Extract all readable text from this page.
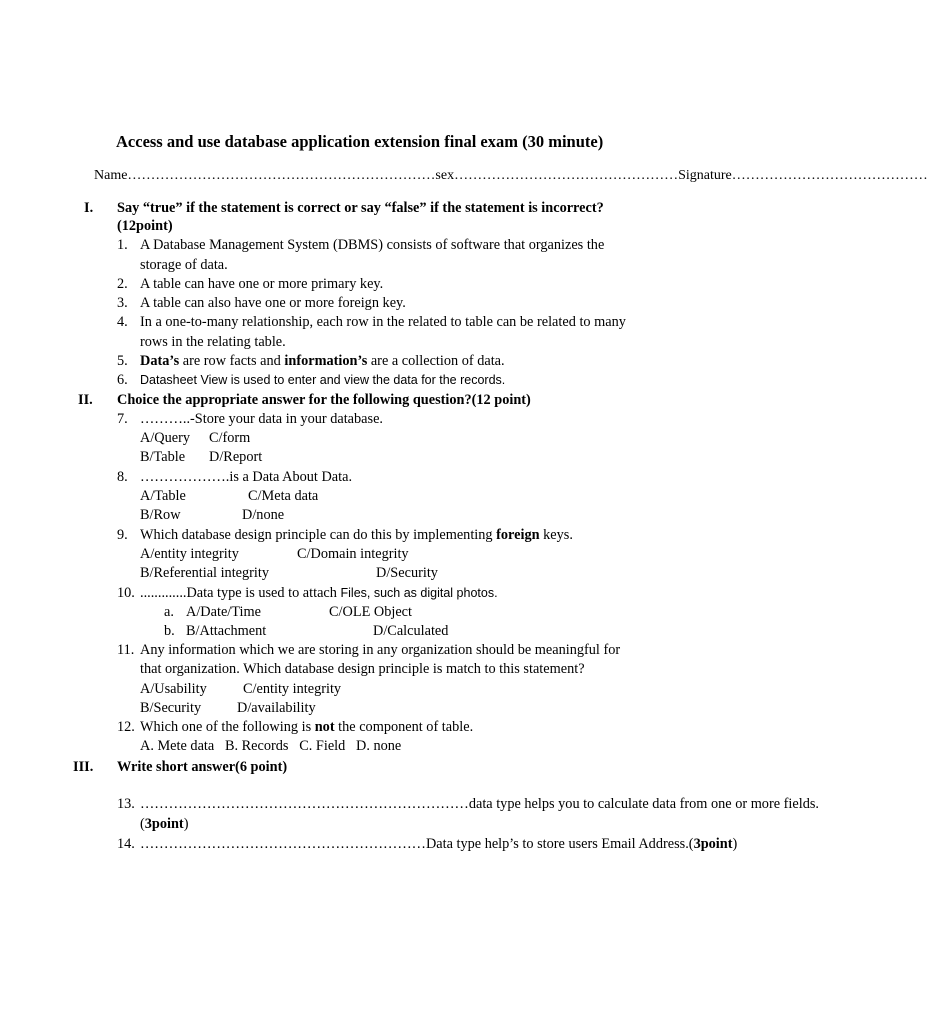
Access and use database application extension final exam (30 minute)
Name…………………………………………………………sex…………………………………………Signature……………………………………
I. Say “true” if the statement is correct or say “false” if the statement is incorrect?
(12point)
1. A Database Management System (DBMS) consists of software that organizes the
storage of data.
2. A table can have one or more primary key.
3. A table can also have one or more foreign key.
4. In a one-to-many relationship, each row in the related to table can be related to many
rows in the relating table.
5. Data’s are row facts and information’s are a collection of data.
6. Datasheet View is used to enter and view the data for the records.
II. Choice the appropriate answer for the following question?(12 point)
7. ………..-Store your data in your database.
A/Query C/form
B/Table D/Report
8. ……………….is a Data About Data.
A/Table	C/Meta data
B/Row	D/none
9. Which database design principle can do this by implementing foreign keys.
A/entity integrity	C/Domain integrity
B/Referential integrity	D/Security
10. .............Data type is used to attach Files, such as digital photos.
a. A/Date/Time	C/OLE Object
b. B/Attachment	D/Calculated
11. Any information which we are storing in any organization should be meaningful for
that organization. Which database design principle is match to this statement?
A/Usability	C/entity integrity
B/Security	D/availability
12. Which one of the following is not the component of table.
A. Mete data   B. Records   C. Field   D. none
III. Write short answer(6 point)
13. ……………………………………………………………data type helps you to calculate data from one or more fields.
(3point)
14. ……………………………………………………Data type help’s to store users Email Address.(3point)
